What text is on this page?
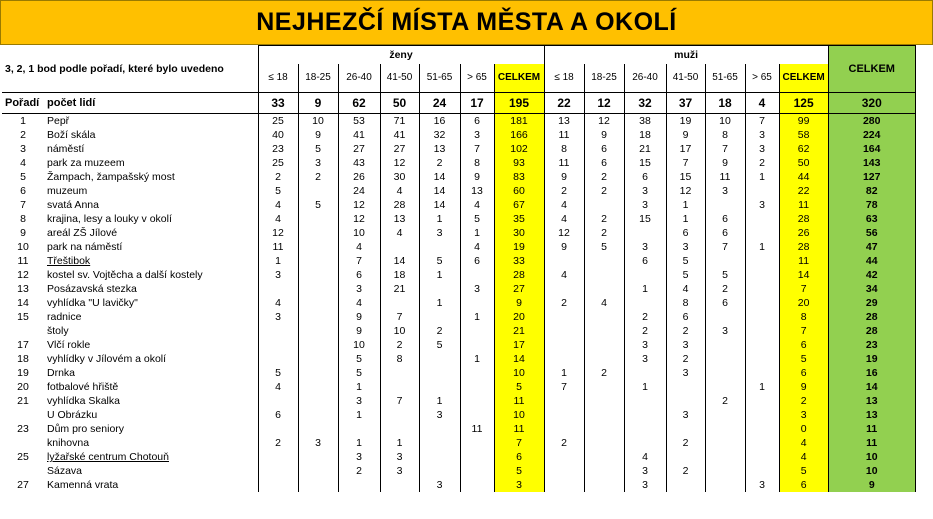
NEJHEZČÍ MÍSTA MĚSTA A OKOLÍ
3, 2, 1 bod podle pořadí, které bylo uvedeno		ženy							muži							CELKEM
		≤ 18	18-25	26-40	41-50	51-65	> 65	CELKEM	≤ 18	18-25	26-40	41-50	51-65	> 65	CELKEM	
Pořadí	počet lidí	33	9	62	50	24	17	195	22	12	32	37	18	4	125	320
1	Pepř	25	10	53	71	16	6	181	13	12	38	19	10	7	99	280
2	Boží skála	40	9	41	41	32	3	166	11	9	18	9	8	3	58	224
3	náměstí	23	5	27	27	13	7	102	8	6	21	17	7	3	62	164
4	park za muzeem	25	3	43	12	2	8	93	11	6	15	7	9	2	50	143
5	Žampach, žampašský most	2	2	26	30	14	9	83	9	2	6	15	11	1	44	127
6	muzeum	5		24	4	14	13	60	2	2	3	12	3		22	82
7	svatá Anna	4	5	12	28	14	4	67	4		3	1		3	11	78
8	krajina, lesy a louky v okolí	4		12	13	1	5	35	4	2	15	1	6		28	63
9	areál ZŠ Jílové	12		10	4	3	1	30	12	2		6	6		26	56
10	park na náměstí	11		4			4	19	9	5	3	3	7	1	28	47
11	Třeštibok	1		7	14	5	6	33			6	5			11	44
12	kostel sv. Vojtěcha a další kostely	3		6	18	1		28	4			5	5		14	42
13	Posázavská stezka			3	21		3	27			1	4	2		7	34
14	vyhlídka "U lavičky"	4		4		1		9	2	4		8	6		20	29
15	radnice	3		9	7		1	20			2	6			8	28
	štoly			9	10	2		21			2	2	3		7	28
17	Vlčí rokle			10	2	5		17			3	3			6	23
18	vyhlídky v Jílovém a okolí			5	8		1	14			3	2			5	19
19	Drnka	5		5				10	1	2		3			6	16
20	fotbalové hřiště	4		1				5	7		1			1	9	14
21	vyhlídka Skalka			3	7	1		11					2		2	13
	U Obrázku	6		1		3		10				3			3	13
23	Dům pro seniory						11	11							0	11
	knihovna	2	3	1	1			7	2			2			4	11
25	lyžařské centrum Chotouň			3	3			6			4				4	10
	Sázava			2	3			5			3	2			5	10
27	Kamenná vrata					3		3			3			3	6	9
